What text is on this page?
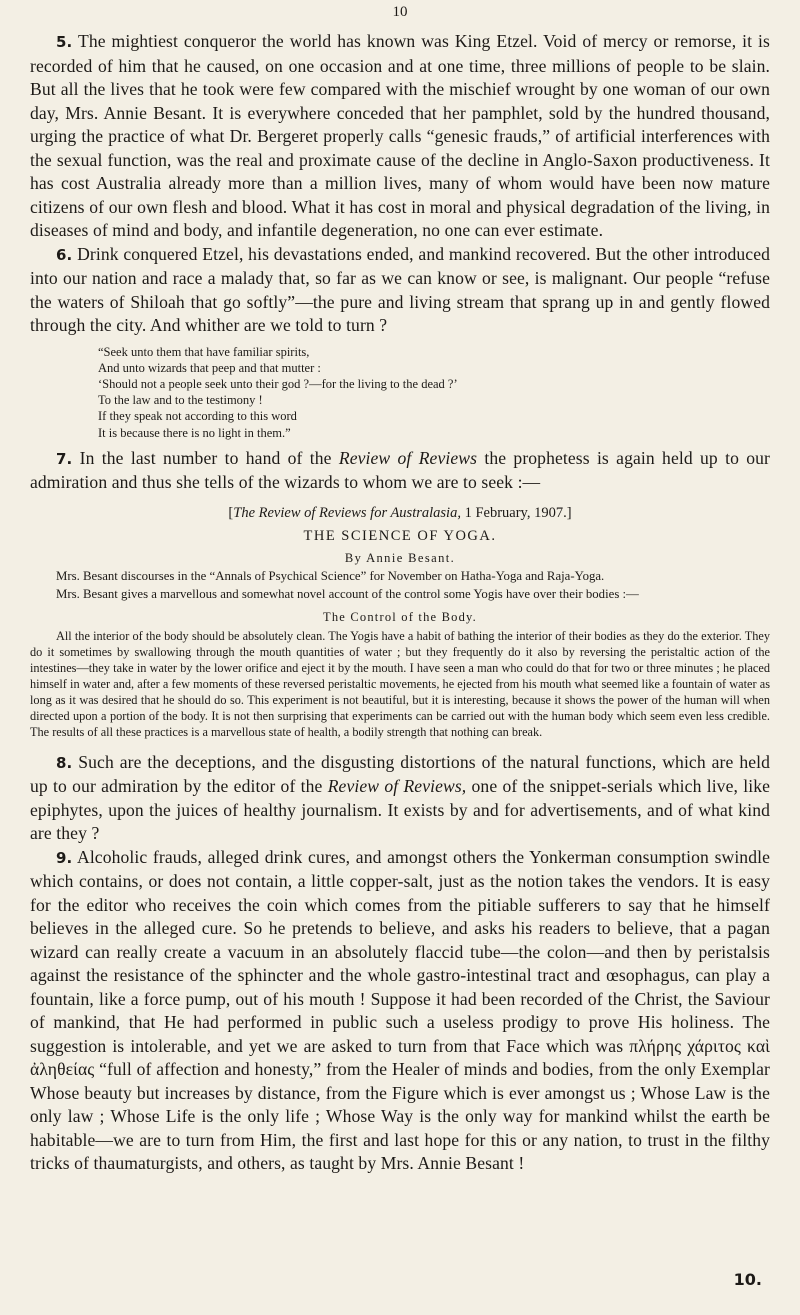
10

5. The mightiest conqueror the world has known was King Etzel. Void of mercy or remorse, it is recorded of him that he caused, on one occasion and at one time, three millions of people to be slain. But all the lives that he took were few compared with the mischief wrought by one woman of our own day, Mrs. Annie Besant. It is everywhere conceded that her pamphlet, sold by the hundred thousand, urging the practice of what Dr. Bergeret properly calls “genesic frauds,” of artificial interferences with the sexual function, was the real and proximate cause of the decline in Anglo-Saxon productiveness. It has cost Australia already more than a million lives, many of whom would have been now mature citizens of our own flesh and blood. What it has cost in moral and physical degradation of the living, in diseases of mind and body, and infantile degeneration, no one can ever estimate.

6. Drink conquered Etzel, his devastations ended, and mankind recovered. But the other introduced into our nation and race a malady that, so far as we can know or see, is malignant. Our people “refuse the waters of Shiloah that go softly”—the pure and living stream that sprang up in and gently flowed through the city. And whither are we told to turn ?

“Seek unto them that have familiar spirits,
And unto wizards that peep and that mutter :
‘Should not a people seek unto their god ?—for the living to the dead ?’
To the law and to the testimony !
If they speak not according to this word
It is because there is no light in them.”

7. In the last number to hand of the Review of Reviews the prophetess is again held up to our admiration and thus she tells of the wizards to whom we are to seek :—

[The Review of Reviews for Australasia, 1 February, 1907.]
THE SCIENCE OF YOGA.
By Annie Besant.

Mrs. Besant discourses in the “Annals of Psychical Science” for November on Hatha-Yoga and Raja-Yoga.

Mrs. Besant gives a marvellous and somewhat novel account of the control some Yogis have over their bodies :—

The Control of the Body.

All the interior of the body should be absolutely clean. The Yogis have a habit of bathing the interior of their bodies as they do the exterior. They do it sometimes by swallowing through the mouth quantities of water ; but they frequently do it also by reversing the peristaltic action of the intestines—they take in water by the lower orifice and eject it by the mouth. I have seen a man who could do that for two or three minutes ; he placed himself in water and, after a few moments of these reversed peristaltic movements, he ejected from his mouth what seemed like a fountain of water as long as it was desired that he should do so. This experiment is not beautiful, but it is interesting, because it shows the power of the human will when directed upon a portion of the body. It is not then surprising that experiments can be carried out with the human body which seem even less credible. The results of all these practices is a marvellous state of health, a bodily strength that nothing can break.

8. Such are the deceptions, and the disgusting distortions of the natural functions, which are held up to our admiration by the editor of the Review of Reviews, one of the snippet-serials which live, like epiphytes, upon the juices of healthy journalism. It exists by and for advertisements, and of what kind are they ?

9. Alcoholic frauds, alleged drink cures, and amongst others the Yonkerman consumption swindle which contains, or does not contain, a little copper-salt, just as the notion takes the vendors. It is easy for the editor who receives the coin which comes from the pitiable sufferers to say that he himself believes in the alleged cure. So he pretends to believe, and asks his readers to believe, that a pagan wizard can really create a vacuum in an absolutely flaccid tube—the colon—and then by peristalsis against the resistance of the sphincter and the whole gastro-intestinal tract and œsophagus, can play a fountain, like a force pump, out of his mouth ! Suppose it had been recorded of the Christ, the Saviour of mankind, that He had performed in public such a useless prodigy to prove His holiness. The suggestion is intolerable, and yet we are asked to turn from that Face which was πλήρης χάριτος καὶ ἀληθείας “full of affection and honesty,” from the Healer of minds and bodies, from the only Exemplar Whose beauty but increases by distance, from the Figure which is ever amongst us ; Whose Law is the only law ; Whose Life is the only life ; Whose Way is the only way for mankind whilst the earth be habitable—we are to turn from Him, the first and last hope for this or any nation, to trust in the filthy tricks of thaumaturgists, and others, as taught by Mrs. Annie Besant !

10.
